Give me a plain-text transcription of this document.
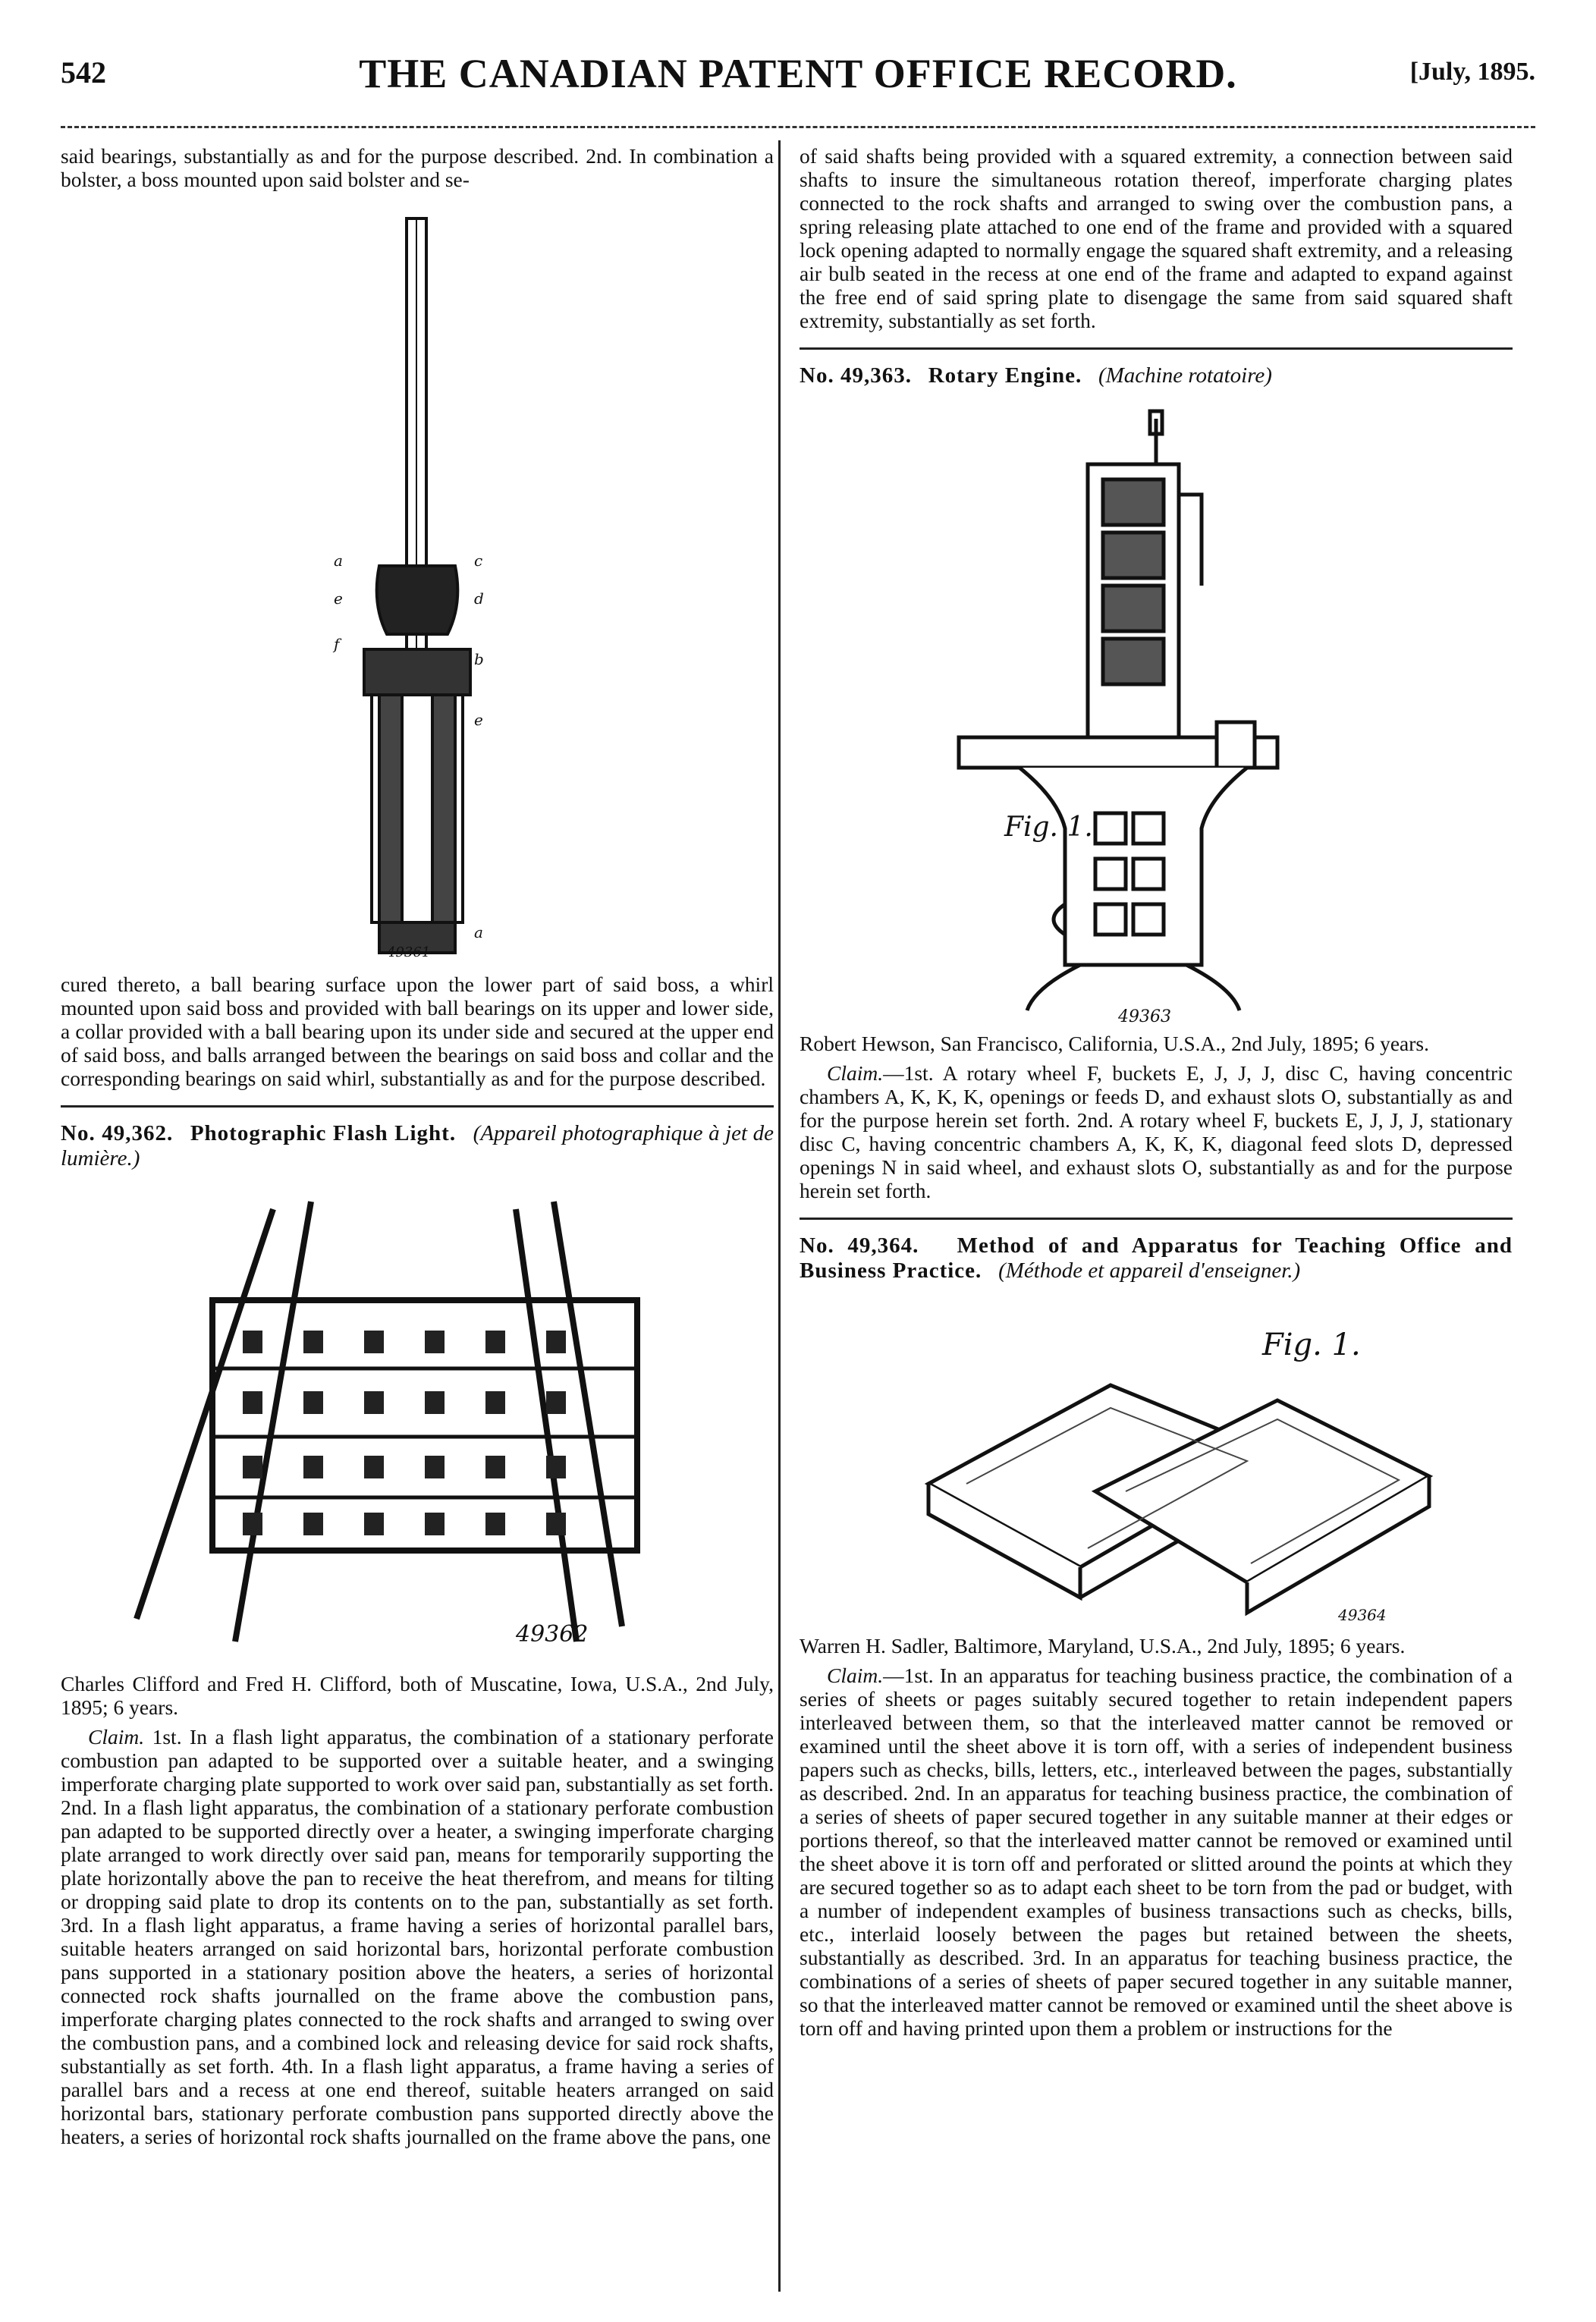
542	THE CANADIAN PATENT OFFICE RECORD.	[July, 1895.

said bearings, substantially as and for the purpose described. 2nd. In combination a bolster, a boss mounted upon said bolster and se-

a	c
e	d
f
b
e
a
49361

cured thereto, a ball bearing surface upon the lower part of said boss, a whirl mounted upon said boss and provided with ball bearings on its upper and lower side, a collar provided with a ball bearing upon its under side and secured at the upper end of said boss, and balls arranged between the bearings on said boss and collar and the corresponding bearings on said whirl, substantially as and for the purpose described.

No. 49,362. Photographic Flash Light. (Appareil photographique à jet de lumière.)
49362

Charles Clifford and Fred H. Clifford, both of Muscatine, Iowa, U.S.A., 2nd July, 1895; 6 years.

Claim. 1st. In a flash light apparatus, the combination of a stationary perforate combustion pan adapted to be supported over a suitable heater, and a swinging imperforate charging plate supported to work over said pan, substantially as set forth. 2nd. In a flash light apparatus, the combination of a stationary perforate combustion pan adapted to be supported directly over a heater, a swinging imperforate charging plate arranged to work directly over said pan, means for temporarily supporting the plate horizontally above the pan to receive the heat therefrom, and means for tilting or dropping said plate to drop its contents on to the pan, substantially as set forth. 3rd. In a flash light apparatus, a frame having a series of horizontal parallel bars, suitable heaters arranged on said horizontal bars, horizontal perforate combustion pans supported in a stationary position above the heaters, a series of horizontal connected rock shafts journalled on the frame above the combustion pans, imperforate charging plates connected to the rock shafts and arranged to swing over the combustion pans, and a combined lock and releasing device for said rock shafts, substantially as set forth. 4th. In a flash light apparatus, a frame having a series of parallel bars and a recess at one end thereof, suitable heaters arranged on said horizontal bars, stationary perforate combustion pans supported directly above the heaters, a series of horizontal rock shafts journalled on the frame above the pans, one

of said shafts being provided with a squared extremity, a connection between said shafts to insure the simultaneous rotation thereof, imperforate charging plates connected to the rock shafts and arranged to swing over the combustion pans, a spring releasing plate attached to one end of the frame and provided with a squared lock opening adapted to normally engage the squared shaft extremity, and a releasing air bulb seated in the recess at one end of the frame and adapted to expand against the free end of said spring plate to disengage the same from said squared shaft extremity, substantially as set forth.

No. 49,363. Rotary Engine. (Machine rotatoire)
Fig. 1.
49363

Robert Hewson, San Francisco, California, U.S.A., 2nd July, 1895; 6 years.

Claim.—1st. A rotary wheel F, buckets E, J, J, J, disc C, having concentric chambers A, K, K, K, openings or feeds D, and exhaust slots O, substantially as and for the purpose herein set forth. 2nd. A rotary wheel F, buckets E, J, J, J, stationary disc C, having concentric chambers A, K, K, K, diagonal feed slots D, depressed openings N in said wheel, and exhaust slots O, substantially as and for the purpose herein set forth.

No. 49,364. Method of and Apparatus for Teaching Office and Business Practice. (Méthode et appareil d'enseigner.)
Fig. 1.
49364

Warren H. Sadler, Baltimore, Maryland, U.S.A., 2nd July, 1895; 6 years.

Claim.—1st. In an apparatus for teaching business practice, the combination of a series of sheets or pages suitably secured together to retain independent papers interleaved between them, so that the interleaved matter cannot be removed or examined until the sheet above it is torn off, with a series of independent business papers such as checks, bills, letters, etc., interleaved between the pages, substantially as described. 2nd. In an apparatus for teaching business practice, the combination of a series of sheets of paper secured together in any suitable manner at their edges or portions thereof, so that the interleaved matter cannot be removed or examined until the sheet above it is torn off and perforated or slitted around the points at which they are secured together so as to adapt each sheet to be torn from the pad or budget, with a number of independent examples of business transactions such as checks, bills, etc., interlaid loosely between the pages but retained between the sheets, substantially as described. 3rd. In an apparatus for teaching business practice, the combinations of a series of sheets of paper secured together in any suitable manner, so that the interleaved matter cannot be removed or examined until the sheet above is torn off and having printed upon them a problem or instructions for the
